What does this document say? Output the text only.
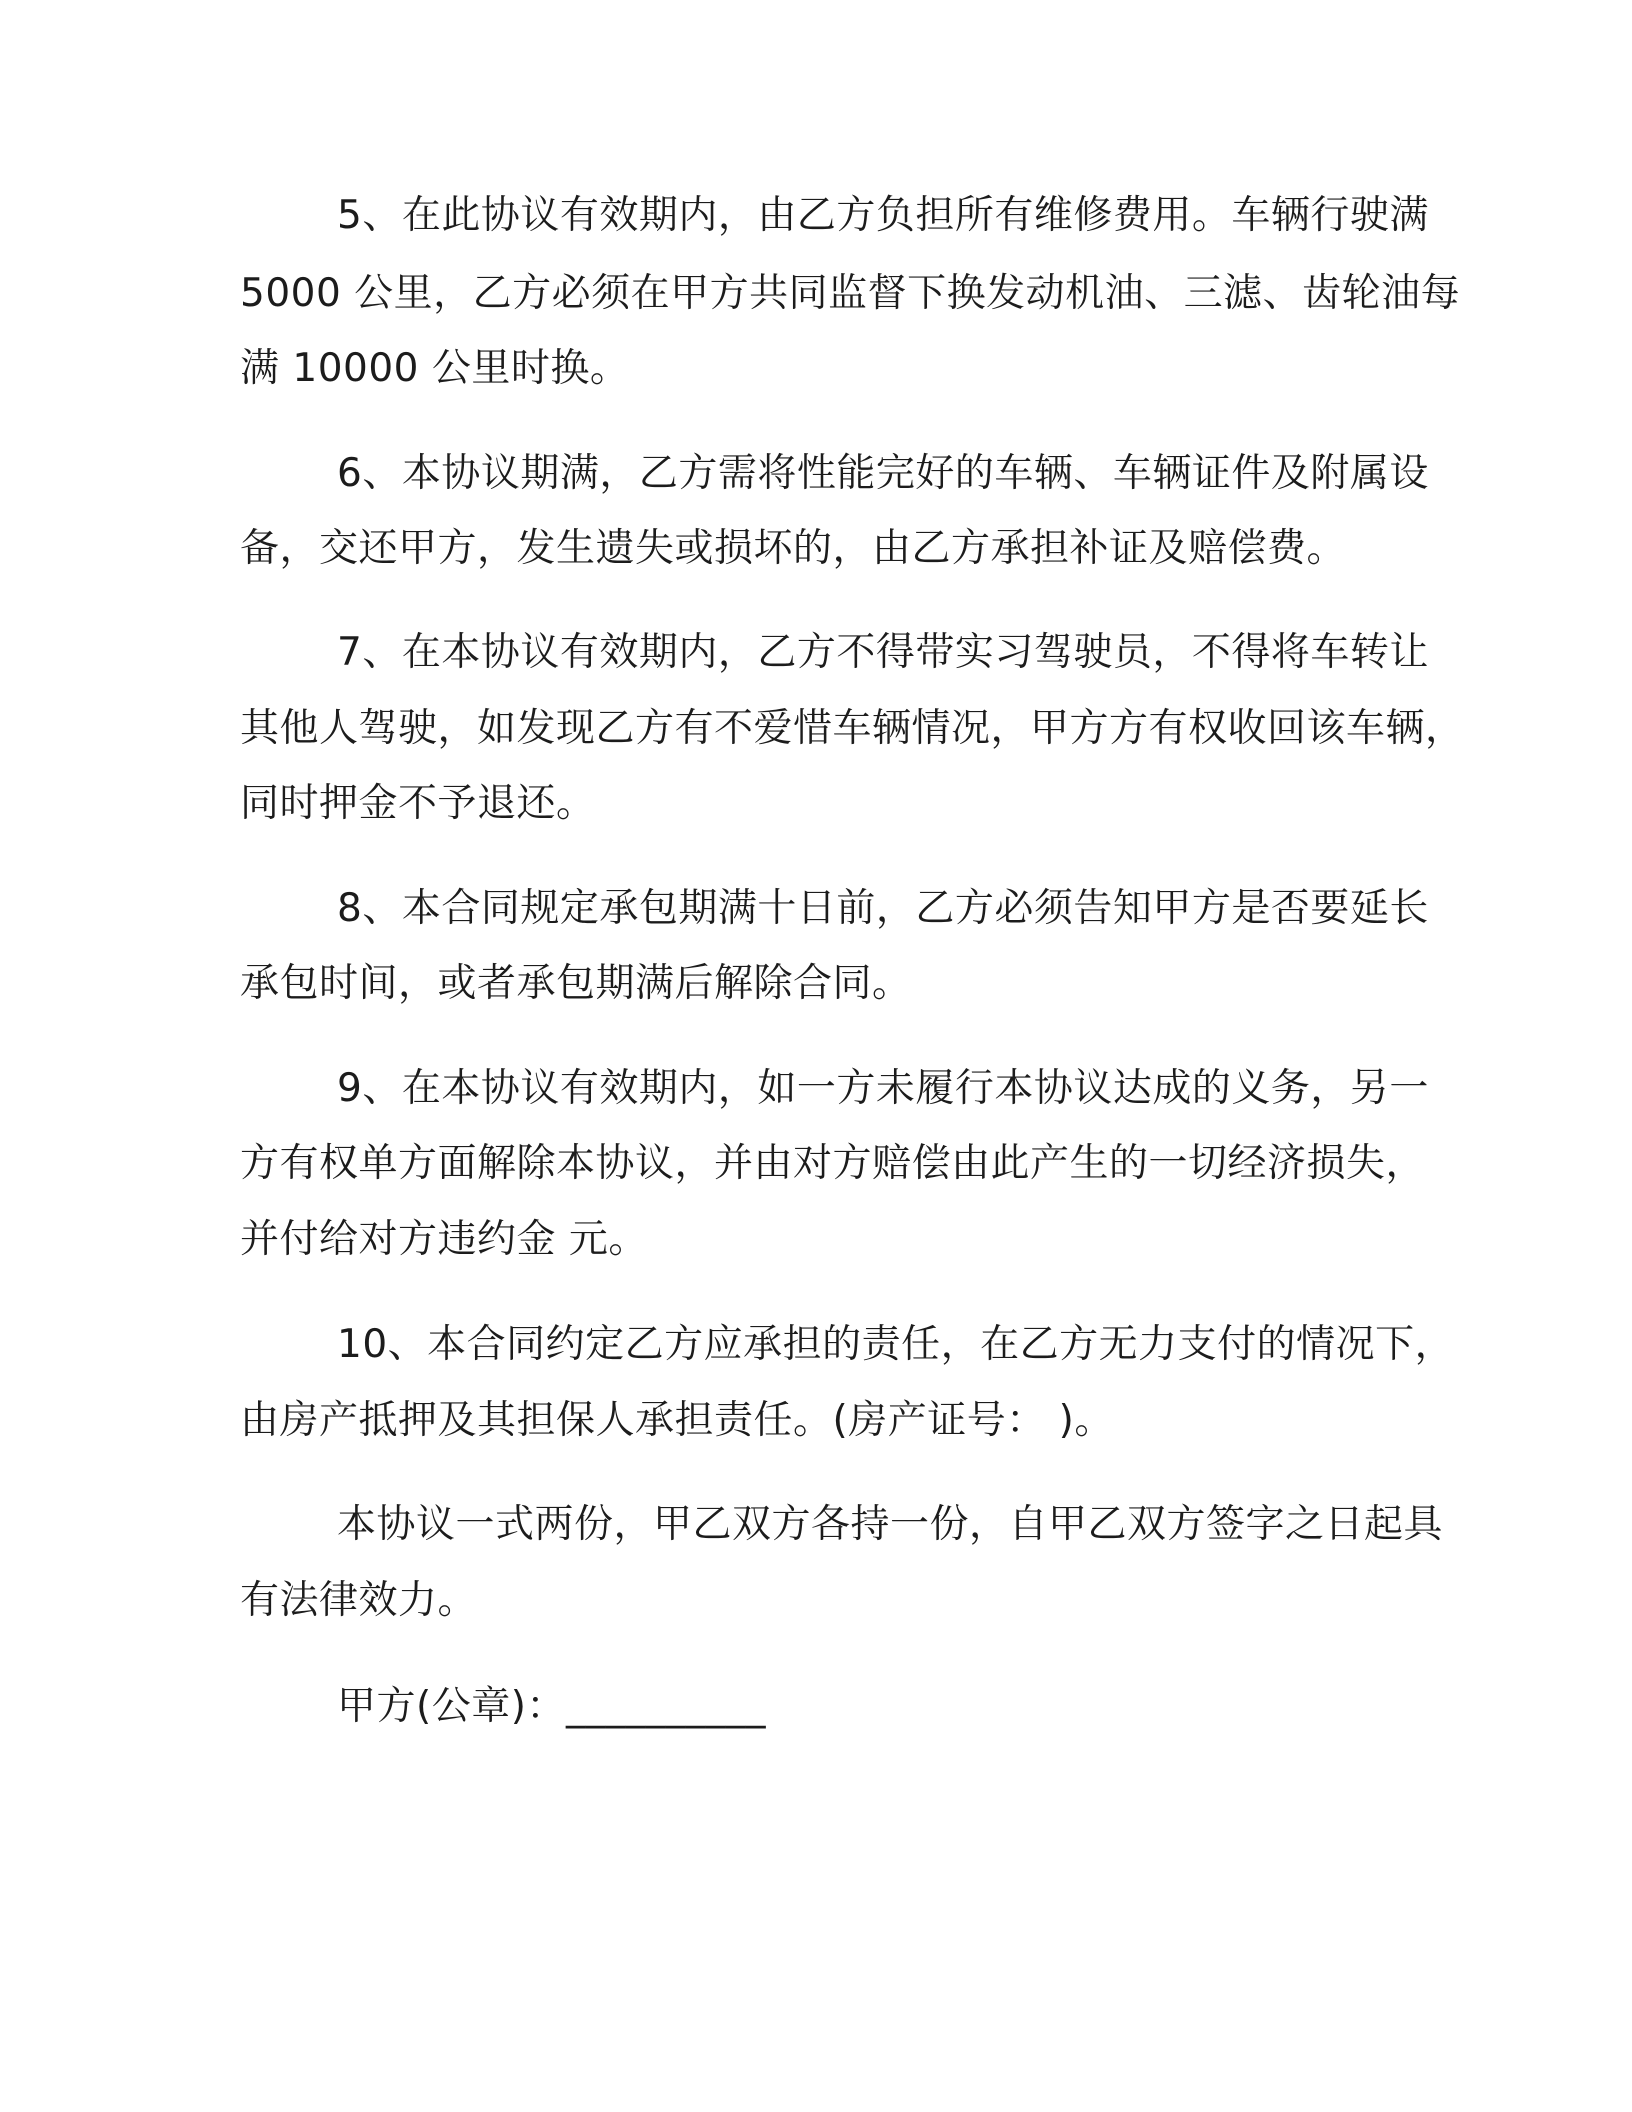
5、在此协议有效期内，由乙方负担所有维修费用。车辆行驶满
5000 公里，乙方必须在甲方共同监督下换发动机油、三滤、齿轮油每
满 10000 公里时换。
6、本协议期满，乙方需将性能完好的车辆、车辆证件及附属设
备，交还甲方，发生遗失或损坏的，由乙方承担补证及赔偿费。
7、在本协议有效期内，乙方不得带实习驾驶员，不得将车转让
其他人驾驶，如发现乙方有不爱惜车辆情况，甲方方有权收回该车辆，
同时押金不予退还。
8、本合同规定承包期满十日前，乙方必须告知甲方是否要延长
承包时间，或者承包期满后解除合同。
9、在本协议有效期内，如一方未履行本协议达成的义务，另一
方有权单方面解除本协议，并由对方赔偿由此产生的一切经济损失，
并付给对方违约金 元。
10、本合同约定乙方应承担的责任，在乙方无力支付的情况下，
由房产抵押及其担保人承担责任。(房产证号： )。
本协议一式两份，甲乙双方各持一份，自甲乙双方签字之日起具
有法律效力。
甲方(公章)：__________
